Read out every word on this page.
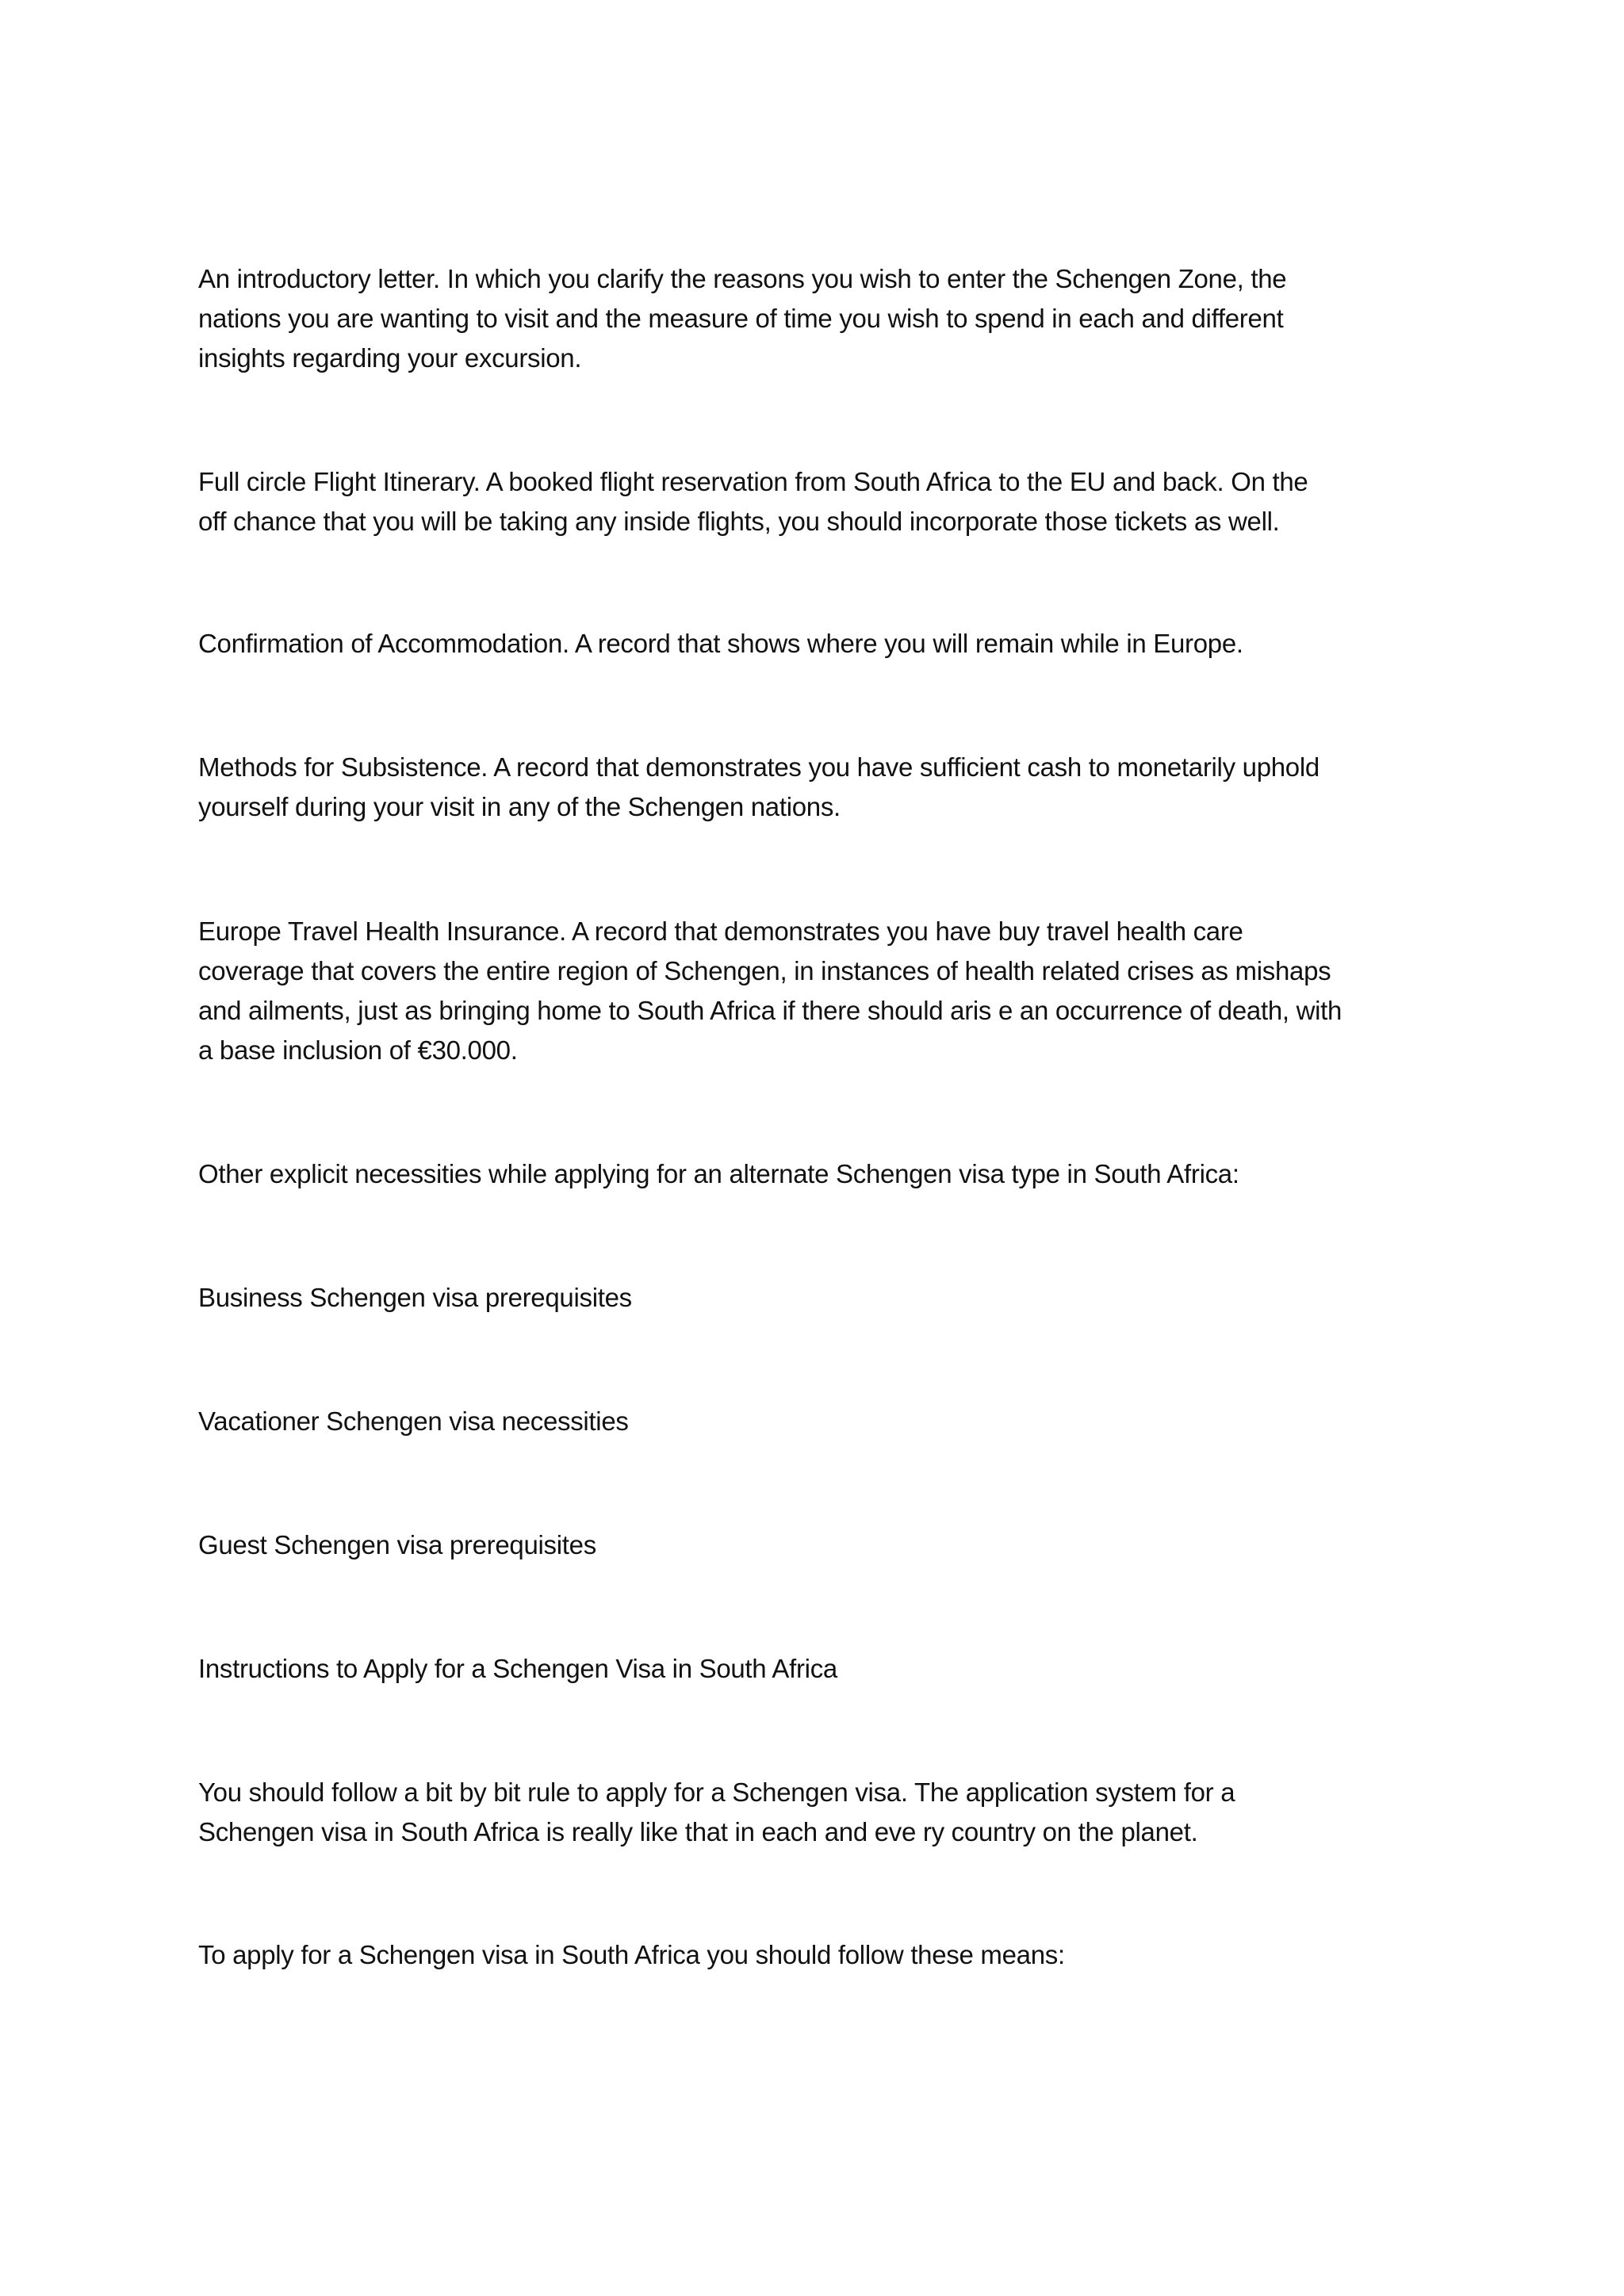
An introductory letter. In which you clarify the reasons you wish to enter the Schengen Zone, the
nations you are wanting to visit and the measure of time you wish to spend in each and different
insights regarding your excursion.

Full circle Flight Itinerary. A booked flight reservation from South Africa to the EU and back. On the
off chance that you will be taking any inside flights, you should incorporate those tickets as well.

Confirmation of Accommodation. A record that shows where you will remain while in Europe.

Methods for Subsistence. A record that demonstrates you have sufficient cash to monetarily uphold
yourself during your visit in any of the Schengen nations.

Europe Travel Health Insurance. A record that demonstrates you have buy travel health care
coverage that covers the entire region of Schengen, in instances of health related crises as mishaps
and ailments, just as bringing home to South Africa if there should aris e an occurrence of death, with
a base inclusion of €30.000.

Other explicit necessities while applying for an alternate Schengen visa type in South Africa:

Business Schengen visa prerequisites

Vacationer Schengen visa necessities

Guest Schengen visa prerequisites

Instructions to Apply for a Schengen Visa in South Africa

You should follow a bit by bit rule to apply for a Schengen visa. The application system for a
Schengen visa in South Africa is really like that in each and eve ry country on the planet.

To apply for a Schengen visa in South Africa you should follow these means:
